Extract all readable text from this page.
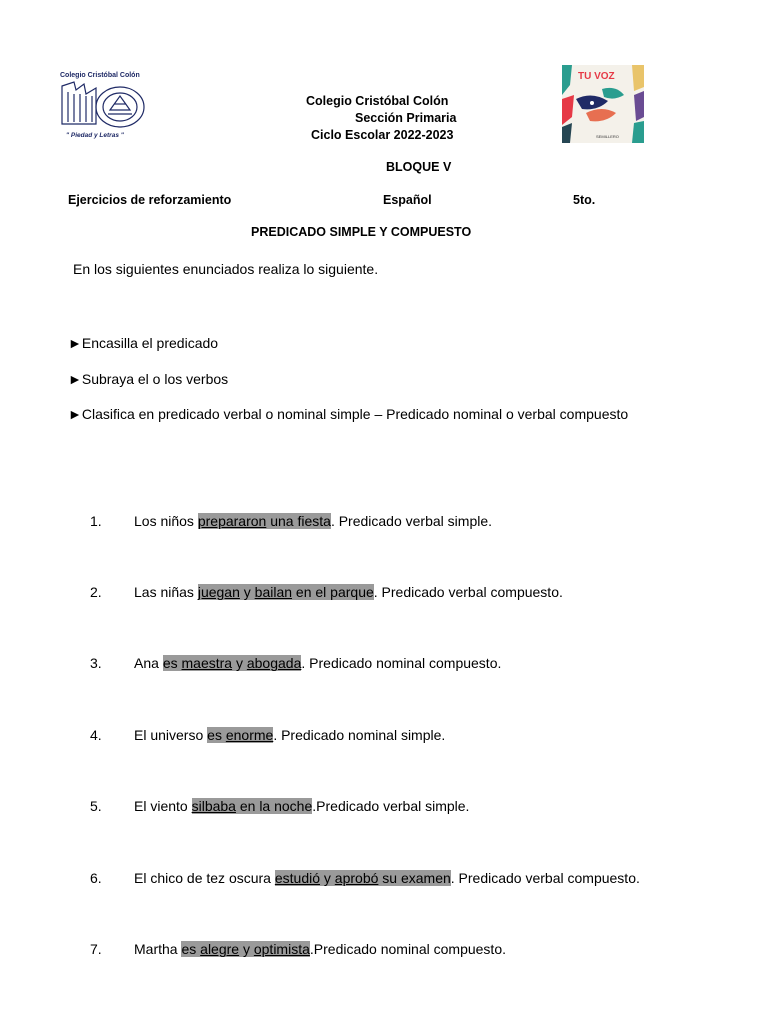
Colegio Cristóbal Colón
" Piedad y Letras "
TU VOZ
SEMILLERO
Colegio Cristóbal Colón
Sección Primaria
Ciclo Escolar 2022-2023
BLOQUE V
Ejercicios de reforzamiento	Español	5to.
PREDICADO SIMPLE Y COMPUESTO
En los siguientes enunciados realiza lo siguiente.
►Encasilla el predicado
►Subraya el o los verbos
►Clasifica en predicado verbal o nominal simple – Predicado nominal o verbal compuesto
1. Los niños prepararon una fiesta. Predicado verbal simple.
2. Las niñas juegan y bailan en el parque. Predicado verbal compuesto.
3. Ana es maestra y abogada. Predicado nominal compuesto.
4. El universo es enorme. Predicado nominal simple.
5. El viento silbaba en la noche.Predicado verbal simple.
6. El chico de tez oscura estudió y aprobó su examen. Predicado verbal compuesto.
7. Martha es alegre y optimista.Predicado nominal compuesto.
